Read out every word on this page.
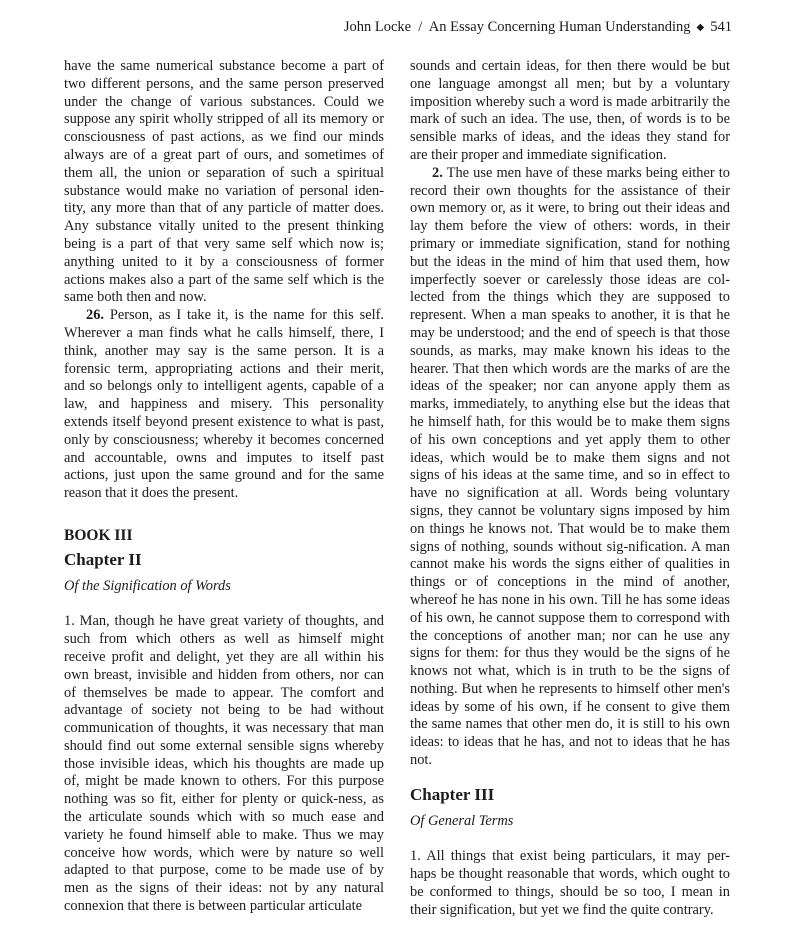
John Locke  /  An Essay Concerning Human Understanding ◆ 541

have the same numerical substance become a part of two different persons, and the same person preserved under the change of various substances. Could we suppose any spirit wholly stripped of all its memory or consciousness of past actions, as we find our minds always are of a great part of ours, and sometimes of them all, the union or separation of such a spiritual substance would make no variation of personal iden-tity, any more than that of any particle of matter does. Any substance vitally united to the present thinking being is a part of that very same self which now is; anything united to it by a consciousness of former actions makes also a part of the same self which is the same both then and now.

26. Person, as I take it, is the name for this self. Wherever a man finds what he calls himself, there, I think, another may say is the same person. It is a forensic term, appropriating actions and their merit, and so belongs only to intelligent agents, capable of a law, and happiness and misery. This personality extends itself beyond present existence to what is past, only by consciousness; whereby it becomes concerned and accountable, owns and imputes to itself past actions, just upon the same ground and for the same reason that it does the present.

BOOK III

Chapter II

Of the Signification of Words

1. Man, though he have great variety of thoughts, and such from which others as well as himself might receive profit and delight, yet they are all within his own breast, invisible and hidden from others, nor can of themselves be made to appear. The comfort and advantage of society not being to be had without communication of thoughts, it was necessary that man should find out some external sensible signs whereby those invisible ideas, which his thoughts are made up of, might be made known to others. For this purpose nothing was so fit, either for plenty or quick-ness, as the articulate sounds which with so much ease and variety he found himself able to make. Thus we may conceive how words, which were by nature so well adapted to that purpose, come to be made use of by men as the signs of their ideas: not by any natural connexion that there is between particular articulate

sounds and certain ideas, for then there would be but one language amongst all men; but by a voluntary imposition whereby such a word is made arbitrarily the mark of such an idea. The use, then, of words is to be sensible marks of ideas, and the ideas they stand for are their proper and immediate signification.

2. The use men have of these marks being either to record their own thoughts for the assistance of their own memory or, as it were, to bring out their ideas and lay them before the view of others: words, in their primary or immediate signification, stand for nothing but the ideas in the mind of him that used them, how imperfectly soever or carelessly those ideas are col-lected from the things which they are supposed to represent. When a man speaks to another, it is that he may be understood; and the end of speech is that those sounds, as marks, may make known his ideas to the hearer. That then which words are the marks of are the ideas of the speaker; nor can anyone apply them as marks, immediately, to anything else but the ideas that he himself hath, for this would be to make them signs of his own conceptions and yet apply them to other ideas, which would be to make them signs and not signs of his ideas at the same time, and so in effect to have no signification at all. Words being voluntary signs, they cannot be voluntary signs imposed by him on things he knows not. That would be to make them signs of nothing, sounds without sig-nification. A man cannot make his words the signs either of qualities in things or of conceptions in the mind of another, whereof he has none in his own. Till he has some ideas of his own, he cannot suppose them to correspond with the conceptions of another man; nor can he use any signs for them: for thus they would be the signs of he knows not what, which is in truth to be the signs of nothing. But when he represents to himself other men's ideas by some of his own, if he consent to give them the same names that other men do, it is still to his own ideas: to ideas that he has, and not to ideas that he has not.

Chapter III

Of General Terms

1. All things that exist being particulars, it may per-haps be thought reasonable that words, which ought to be conformed to things, should be so too, I mean in their signification, but yet we find the quite contrary.
